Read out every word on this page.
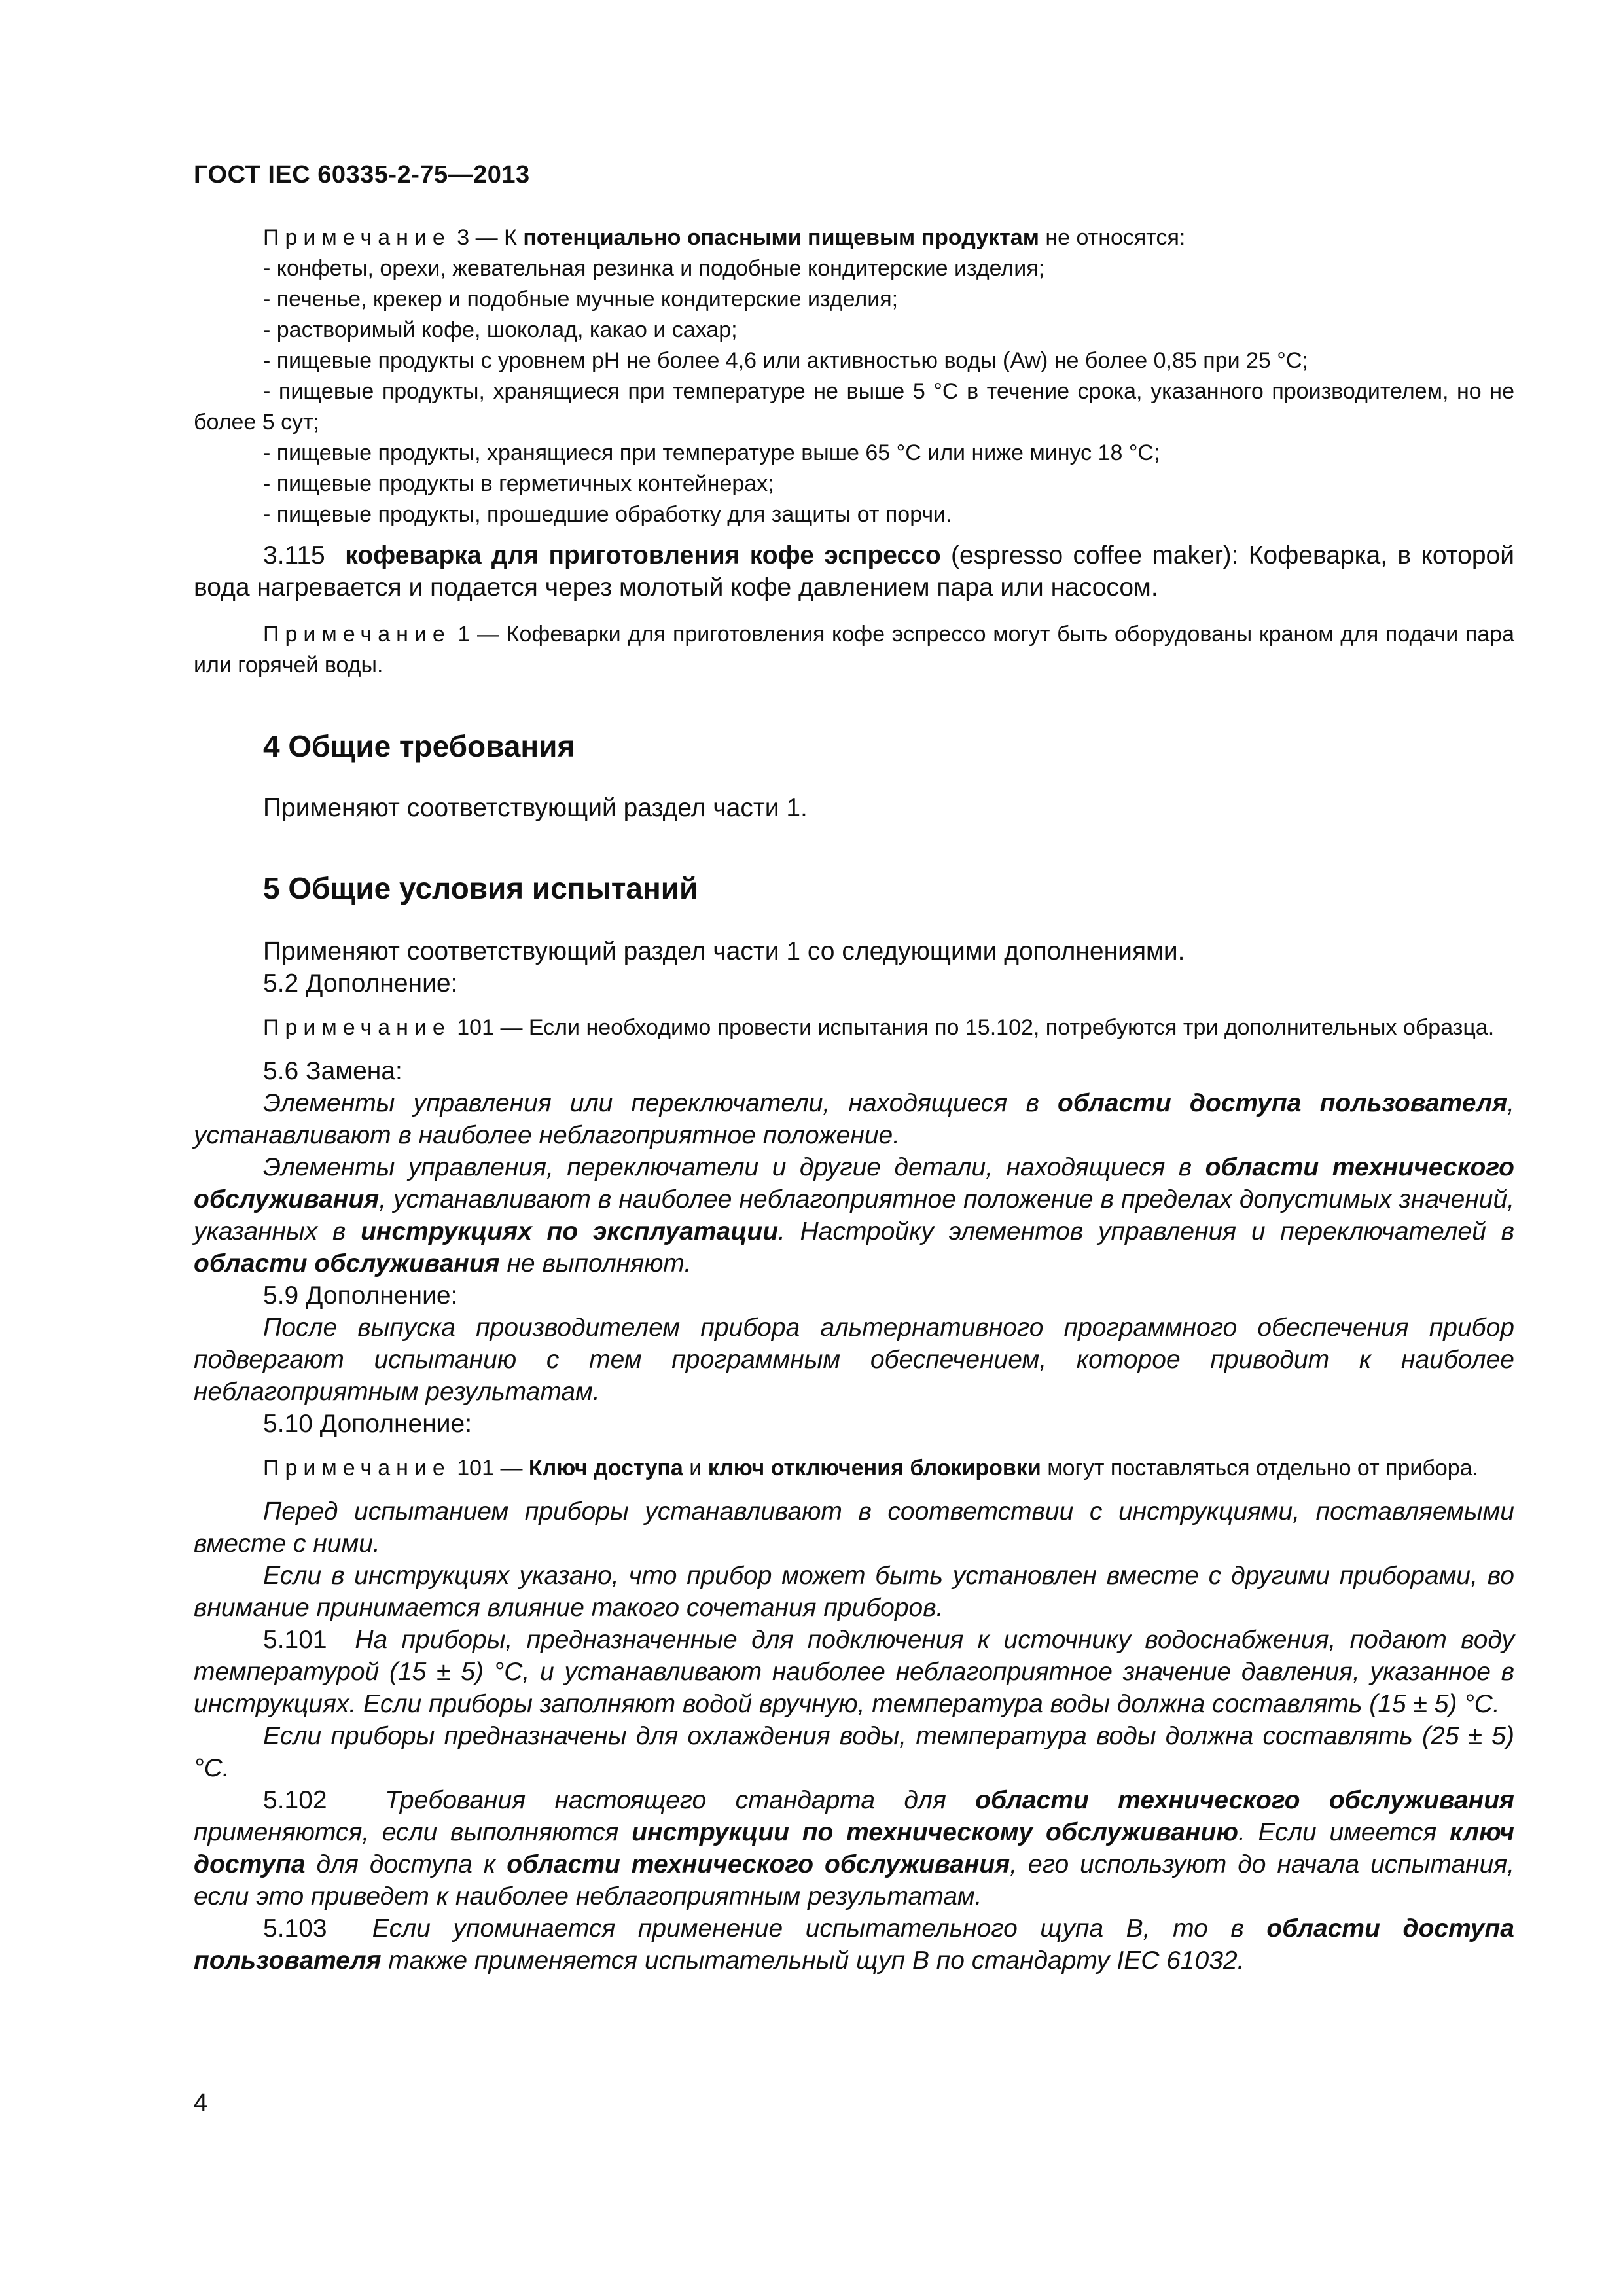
ГОСТ IEC 60335-2-75—2013

Примечание 3 — К потенциально опасными пищевым продуктам не относятся:

- конфеты, орехи, жевательная резинка и подобные кондитерские изделия;

- печенье, крекер и подобные мучные кондитерские изделия;

- растворимый кофе, шоколад, какао и сахар;

- пищевые продукты с уровнем рН не более 4,6 или активностью воды (Aw) не более 0,85 при 25 °С;

- пищевые продукты, хранящиеся при температуре не выше 5 °С в течение срока, указанного производителем, но не более 5 сут;

- пищевые продукты, хранящиеся при температуре выше 65 °С или ниже минус 18 °С;

- пищевые продукты в герметичных контейнерах;

- пищевые продукты, прошедшие обработку для защиты от порчи.

3.115 кофеварка для приготовления кофе эспрессо (espresso coffee maker): Кофеварка, в которой вода нагревается и подается через молотый кофе давлением пара или насосом.

Примечание 1 — Кофеварки для приготовления кофе эспрессо могут быть оборудованы краном для подачи пара или горячей воды.

4 Общие требования

Применяют соответствующий раздел части 1.

5 Общие условия испытаний

Применяют соответствующий раздел части 1 со следующими дополнениями.

5.2 Дополнение:

Примечание 101 — Если необходимо провести испытания по 15.102, потребуются три дополнительных образца.

5.6 Замена:

Элементы управления или переключатели, находящиеся в области доступа пользователя, устанавливают в наиболее неблагоприятное положение.

Элементы управления, переключатели и другие детали, находящиеся в области технического обслуживания, устанавливают в наиболее неблагоприятное положение в пределах допустимых значений, указанных в инструкциях по эксплуатации. Настройку элементов управления и переключателей в области обслуживания не выполняют.

5.9 Дополнение:

После выпуска производителем прибора альтернативного программного обеспечения прибор подвергают испытанию с тем программным обеспечением, которое приводит к наиболее неблагоприятным результатам.

5.10 Дополнение:

Примечание 101 — Ключ доступа и ключ отключения блокировки могут поставляться отдельно от прибора.

Перед испытанием приборы устанавливают в соответствии с инструкциями, поставляемыми вместе с ними.

Если в инструкциях указано, что прибор может быть установлен вместе с другими приборами, во внимание принимается влияние такого сочетания приборов.

5.101 На приборы, предназначенные для подключения к источнику водоснабжения, подают воду температурой (15 ± 5) °С, и устанавливают наиболее неблагоприятное значение давления, указанное в инструкциях. Если приборы заполняют водой вручную, температура воды должна составлять (15 ± 5) °С.

Если приборы предназначены для охлаждения воды, температура воды должна составлять (25 ± 5) °С.

5.102 Требования настоящего стандарта для области технического обслуживания применяются, если выполняются инструкции по техническому обслуживанию. Если имеется ключ доступа для доступа к области технического обслуживания, его используют до начала испытания, если это приведет к наиболее неблагоприятным результатам.

5.103 Если упоминается применение испытательного щупа В, то в области доступа пользователя также применяется испытательный щуп В по стандарту IEC 61032.

4
